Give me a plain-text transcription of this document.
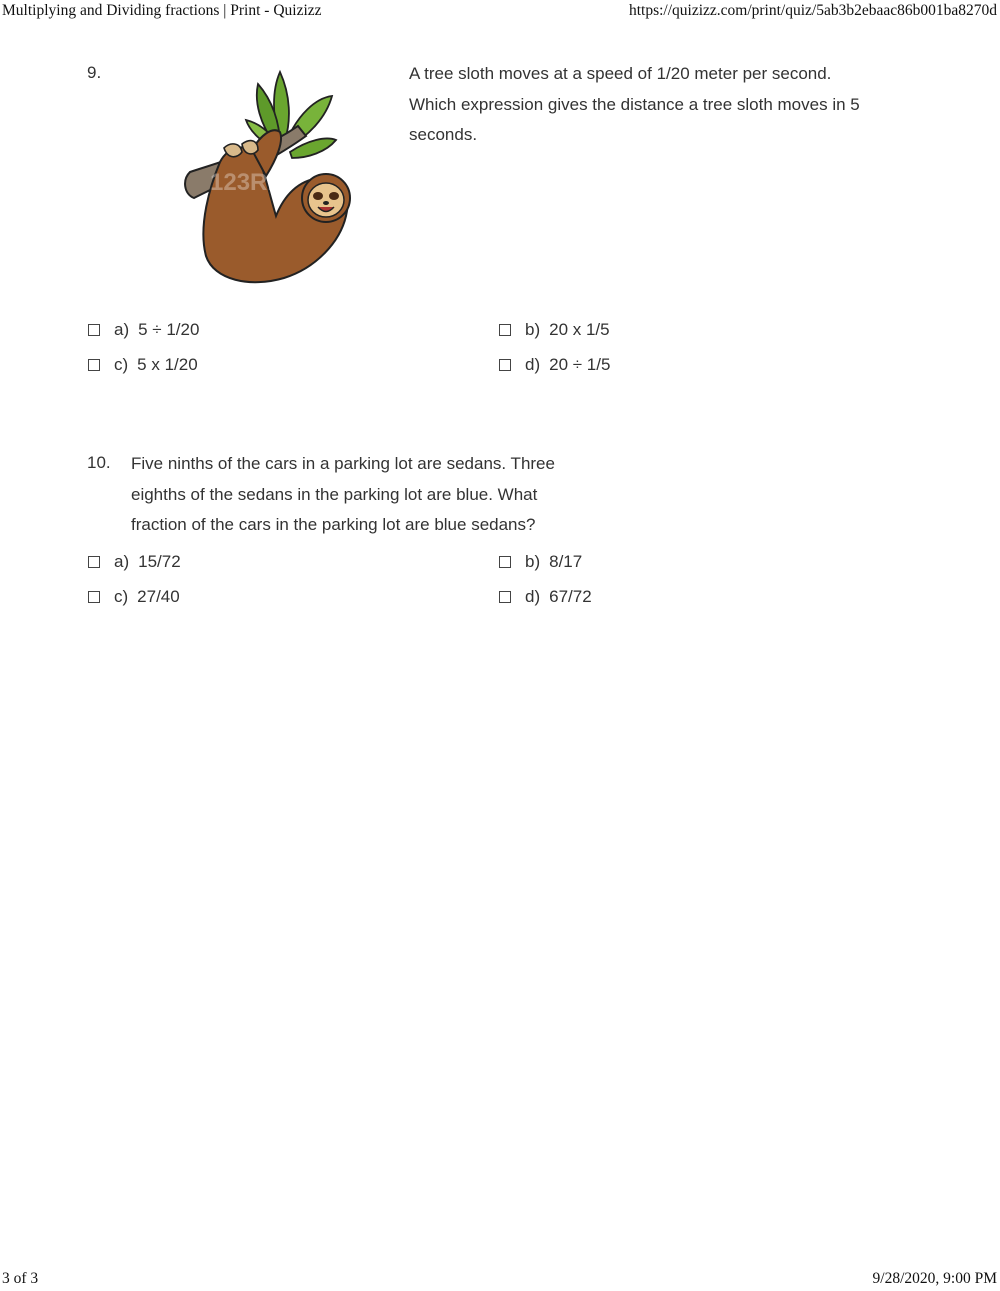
Multiplying and Dividing fractions | Print - Quizizz	https://quizizz.com/print/quiz/5ab3b2ebaac86b001ba8270d
9.
123RF
A tree sloth moves at a speed of 1/20 meter per second.
Which expression gives the distance a tree sloth moves in 5
seconds.
a) 5 ÷ 1/20	b) 20 x 1/5
c) 5 x 1/20	d) 20 ÷ 1/5
10. Five ninths of the cars in a parking lot are sedans. Three
eighths of the sedans in the parking lot are blue. What
fraction of the cars in the parking lot are blue sedans?
a) 15/72	b) 8/17
c) 27/40	d) 67/72
3 of 3	9/28/2020, 9:00 PM
